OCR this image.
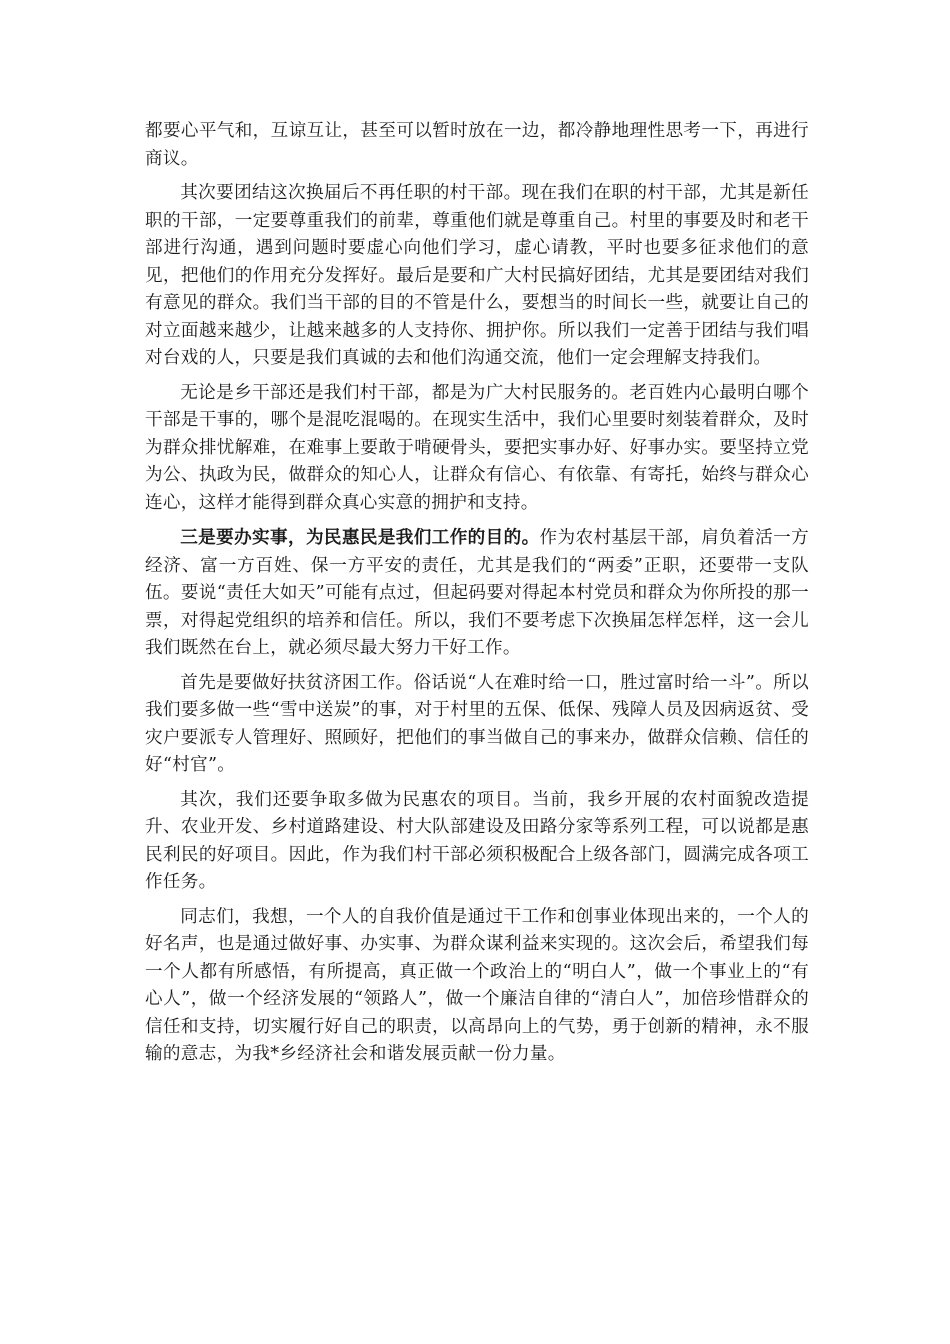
都要心平气和，互谅互让，甚至可以暂时放在一边，都冷静地理性思考一下，再进行商议。

其次要团结这次换届后不再任职的村干部。现在我们在职的村干部，尤其是新任职的干部，一定要尊重我们的前辈，尊重他们就是尊重自己。村里的事要及时和老干部进行沟通，遇到问题时要虚心向他们学习，虚心请教，平时也要多征求他们的意见，把他们的作用充分发挥好。最后是要和广大村民搞好团结，尤其是要团结对我们有意见的群众。我们当干部的目的不管是什么，要想当的时间长一些，就要让自己的对立面越来越少，让越来越多的人支持你、拥护你。所以我们一定善于团结与我们唱对台戏的人，只要是我们真诚的去和他们沟通交流，他们一定会理解支持我们。

无论是乡干部还是我们村干部，都是为广大村民服务的。老百姓内心最明白哪个干部是干事的，哪个是混吃混喝的。在现实生活中，我们心里要时刻装着群众，及时为群众排忧解难，在难事上要敢于啃硬骨头，要把实事办好、好事办实。要坚持立党为公、执政为民，做群众的知心人，让群众有信心、有依靠、有寄托，始终与群众心连心，这样才能得到群众真心实意的拥护和支持。

三是要办实事，为民惠民是我们工作的目的。作为农村基层干部，肩负着活一方经济、富一方百姓、保一方平安的责任，尤其是我们的“两委”正职，还要带一支队伍。要说“责任大如天”可能有点过，但起码要对得起本村党员和群众为你所投的那一票，对得起党组织的培养和信任。所以，我们不要考虑下次换届怎样怎样，这一会儿我们既然在台上，就必须尽最大努力干好工作。

首先是要做好扶贫济困工作。俗话说“人在难时给一口，胜过富时给一斗”。所以我们要多做一些“雪中送炭”的事，对于村里的五保、低保、残障人员及因病返贫、受灾户要派专人管理好、照顾好，把他们的事当做自己的事来办，做群众信赖、信任的好“村官”。

其次，我们还要争取多做为民惠农的项目。当前，我乡开展的农村面貌改造提升、农业开发、乡村道路建设、村大队部建设及田路分家等系列工程，可以说都是惠民利民的好项目。因此，作为我们村干部必须积极配合上级各部门，圆满完成各项工作任务。

同志们，我想，一个人的自我价值是通过干工作和创事业体现出来的，一个人的好名声，也是通过做好事、办实事、为群众谋利益来实现的。这次会后，希望我们每一个人都有所感悟，有所提高，真正做一个政治上的“明白人”，做一个事业上的“有心人”，做一个经济发展的“领路人”，做一个廉洁自律的“清白人”，加倍珍惜群众的信任和支持，切实履行好自己的职责，以高昂向上的气势，勇于创新的精神，永不服输的意志，为我*乡经济社会和谐发展贡献一份力量。
